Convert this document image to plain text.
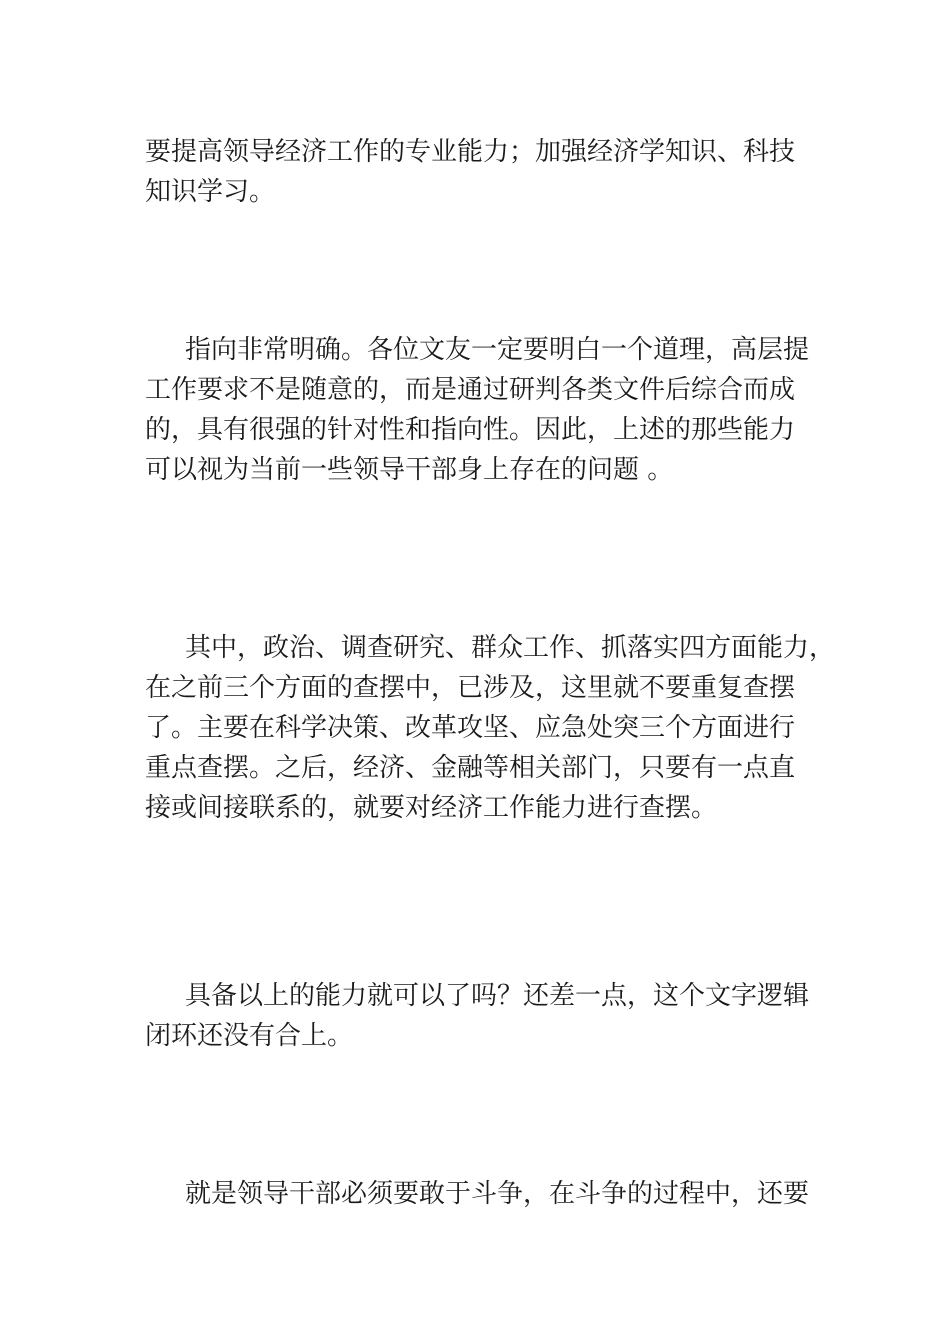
要提高领导经济工作的专业能力；加强经济学知识、科技
知识学习。
指向非常明确。各位文友一定要明白一个道理，高层提
工作要求不是随意的，而是通过研判各类文件后综合而成
的，具有很强的针对性和指向性。因此，上述的那些能力
可以视为当前一些领导干部身上存在的问题 。
其中，政治、调查研究、群众工作、抓落实四方面能力，
在之前三个方面的查摆中，已涉及，这里就不要重复查摆
了。主要在科学决策、改革攻坚、应急处突三个方面进行
重点查摆。之后，经济、金融等相关部门，只要有一点直
接或间接联系的，就要对经济工作能力进行查摆。
具备以上的能力就可以了吗？还差一点，这个文字逻辑
闭环还没有合上。
就是领导干部必须要敢于斗争，在斗争的过程中，还要
